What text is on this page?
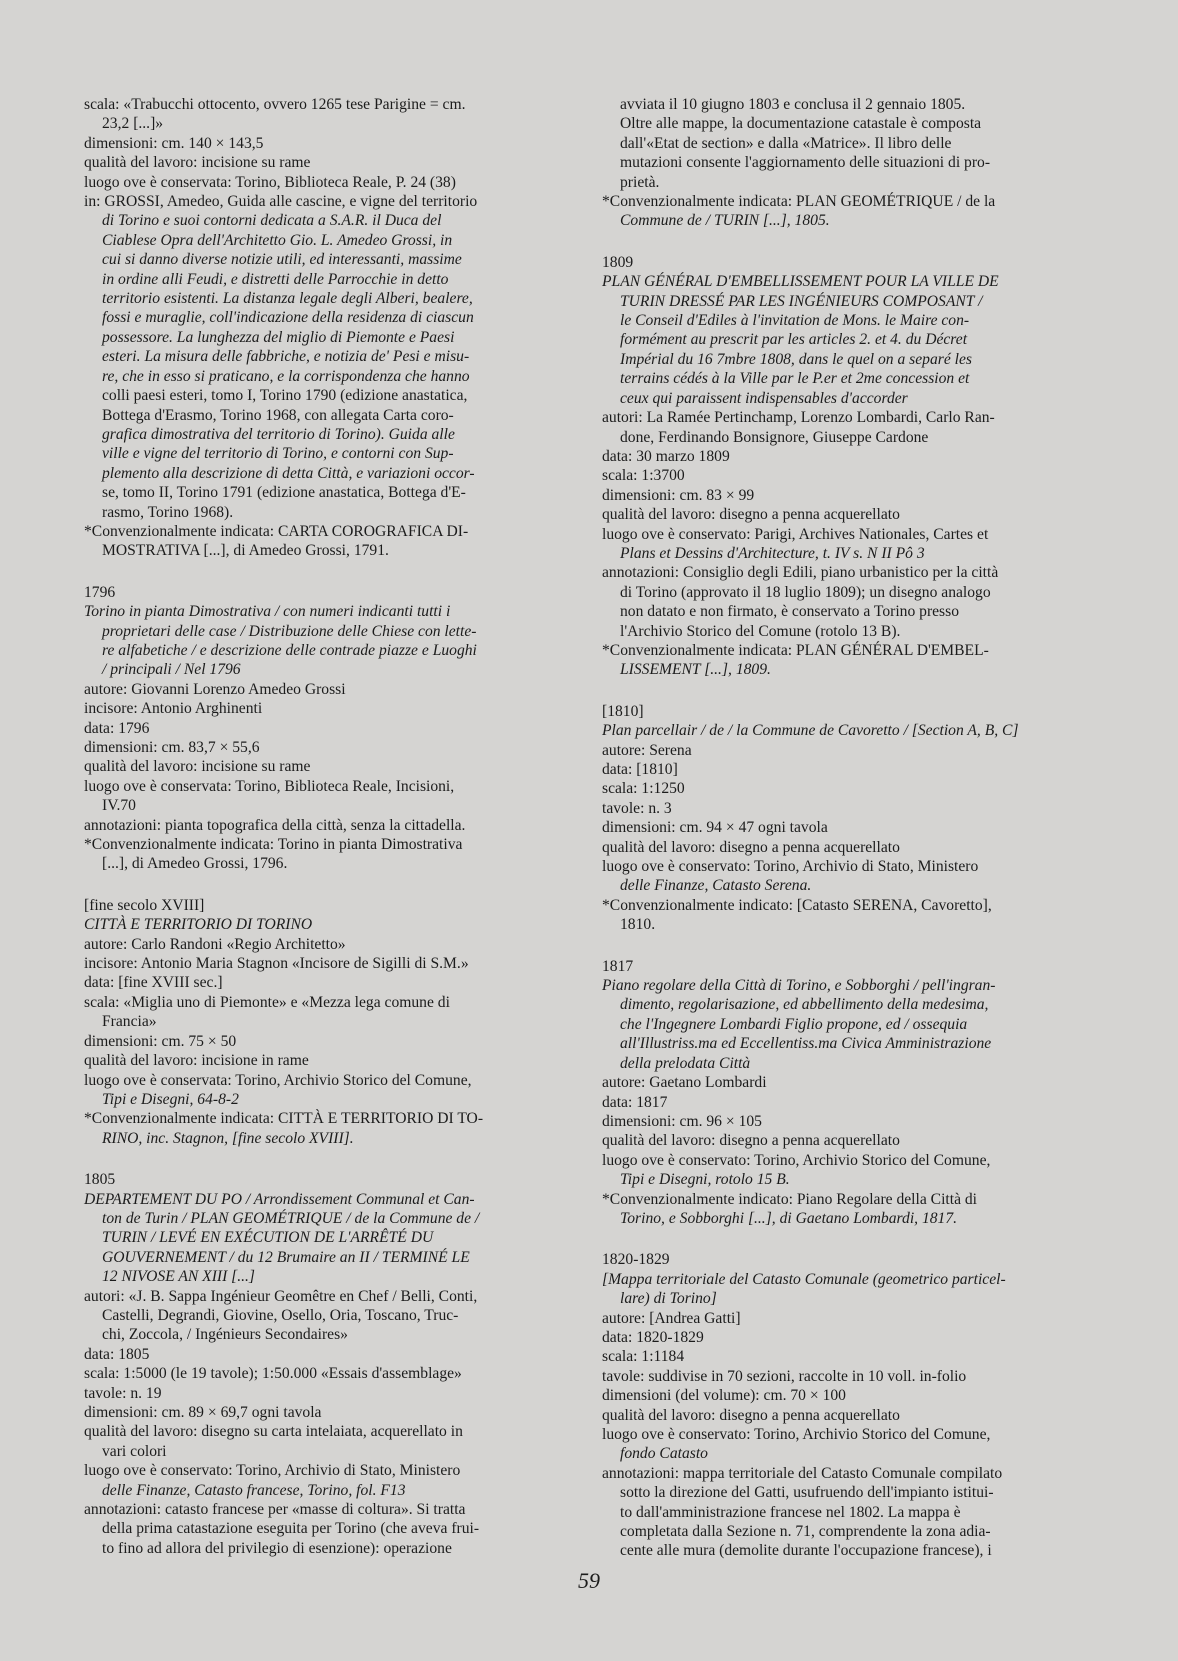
scala: «Trabucchi ottocento, ovvero 1265 tese Parigine = cm.
23,2 [...]»
dimensioni: cm. 140 × 143,5
qualità del lavoro: incisione su rame
luogo ove è conservata: Torino, Biblioteca Reale, P. 24 (38)
in: GROSSI, Amedeo, Guida alle cascine, e vigne del territorio
di Torino e suoi contorni dedicata a S.A.R. il Duca del
Ciablese Opra dell'Architetto Gio. L. Amedeo Grossi, in
cui si danno diverse notizie utili, ed interessanti, massime
in ordine alli Feudi, e distretti delle Parrocchie in detto
territorio esistenti. La distanza legale degli Alberi, bealere,
fossi e muraglie, coll'indicazione della residenza di ciascun
possessore. La lunghezza del miglio di Piemonte e Paesi
esteri. La misura delle fabbriche, e notizia de' Pesi e misu-
re, che in esso si praticano, e la corrispondenza che hanno
colli paesi esteri, tomo I, Torino 1790 (edizione anastatica,
Bottega d'Erasmo, Torino 1968, con allegata Carta coro-
grafica dimostrativa del territorio di Torino). Guida alle
ville e vigne del territorio di Torino, e contorni con Sup-
plemento alla descrizione di detta Città, e variazioni occor-
se, tomo II, Torino 1791 (edizione anastatica, Bottega d'E-
rasmo, Torino 1968).
*Convenzionalmente indicata: CARTA COROGRAFICA DI-
MOSTRATIVA [...], di Amedeo Grossi, 1791.
1796
Torino in pianta Dimostrativa / con numeri indicanti tutti i
proprietari delle case / Distribuzione delle Chiese con lette-
re alfabetiche / e descrizione delle contrade piazze e Luoghi
/ principali / Nel 1796
autore: Giovanni Lorenzo Amedeo Grossi
incisore: Antonio Arghinenti
data: 1796
dimensioni: cm. 83,7 × 55,6
qualità del lavoro: incisione su rame
luogo ove è conservata: Torino, Biblioteca Reale, Incisioni,
IV.70
annotazioni: pianta topografica della città, senza la cittadella.
*Convenzionalmente indicata: Torino in pianta Dimostrativa
[...], di Amedeo Grossi, 1796.
[fine secolo XVIII]
CITTÀ E TERRITORIO DI TORINO
autore: Carlo Randoni «Regio Architetto»
incisore: Antonio Maria Stagnon «Incisore de Sigilli di S.M.»
data: [fine XVIII sec.]
scala: «Miglia uno di Piemonte» e «Mezza lega comune di
Francia»
dimensioni: cm. 75 × 50
qualità del lavoro: incisione in rame
luogo ove è conservata: Torino, Archivio Storico del Comune,
Tipi e Disegni, 64-8-2
*Convenzionalmente indicata: CITTÀ E TERRITORIO DI TO-
RINO, inc. Stagnon, [fine secolo XVIII].
1805
DEPARTEMENT DU PO / Arrondissement Communal et Can-
ton de Turin / PLAN GEOMÉTRIQUE / de la Commune de /
TURIN / LEVÉ EN EXÉCUTION DE L'ARRÊTÉ DU
GOUVERNEMENT / du 12 Brumaire an II / TERMINÉ LE
12 NIVOSE AN XIII [...]
autori: «J. B. Sappa Ingénieur Geomêtre en Chef / Belli, Conti,
Castelli, Degrandi, Giovine, Osello, Oria, Toscano, Truc-
chi, Zoccola, / Ingénieurs Secondaires»
data: 1805
scala: 1:5000 (le 19 tavole); 1:50.000 «Essais d'assemblage»
tavole: n. 19
dimensioni: cm. 89 × 69,7 ogni tavola
qualità del lavoro: disegno su carta intelaiata, acquerellato in
vari colori
luogo ove è conservato: Torino, Archivio di Stato, Ministero
delle Finanze, Catasto francese, Torino, fol. F13
annotazioni: catasto francese per «masse di coltura». Si tratta
della prima catastazione eseguita per Torino (che aveva frui-
to fino ad allora del privilegio di esenzione): operazione
avviata il 10 giugno 1803 e conclusa il 2 gennaio 1805.
Oltre alle mappe, la documentazione catastale è composta
dall'«Etat de section» e dalla «Matrice». Il libro delle
mutazioni consente l'aggiornamento delle situazioni di pro-
prietà.
*Convenzionalmente indicata: PLAN GEOMÉTRIQUE / de la
Commune de / TURIN [...], 1805.
1809
PLAN GÉNÉRAL D'EMBELLISSEMENT POUR LA VILLE DE
TURIN DRESSÉ PAR LES INGÉNIEURS COMPOSANT /
le Conseil d'Ediles à l'invitation de Mons. le Maire con-
formément au prescrit par les articles 2. et 4. du Décret
Impérial du 16 7mbre 1808, dans le quel on a separé les
terrains cédés à la Ville par le P.er et 2me concession et
ceux qui paraissent indispensables d'accorder
autori: La Ramée Pertinchamp, Lorenzo Lombardi, Carlo Ran-
done, Ferdinando Bonsignore, Giuseppe Cardone
data: 30 marzo 1809
scala: 1:3700
dimensioni: cm. 83 × 99
qualità del lavoro: disegno a penna acquerellato
luogo ove è conservato: Parigi, Archives Nationales, Cartes et
Plans et Dessins d'Architecture, t. IV s. N II Pô 3
annotazioni: Consiglio degli Edili, piano urbanistico per la città
di Torino (approvato il 18 luglio 1809); un disegno analogo
non datato e non firmato, è conservato a Torino presso
l'Archivio Storico del Comune (rotolo 13 B).
*Convenzionalmente indicata: PLAN GÉNÉRAL D'EMBEL-
LISSEMENT [...], 1809.
[1810]
Plan parcellair / de / la Commune de Cavoretto / [Section A, B, C]
autore: Serena
data: [1810]
scala: 1:1250
tavole: n. 3
dimensioni: cm. 94 × 47 ogni tavola
qualità del lavoro: disegno a penna acquerellato
luogo ove è conservato: Torino, Archivio di Stato, Ministero
delle Finanze, Catasto Serena.
*Convenzionalmente indicato: [Catasto SERENA, Cavoretto],
1810.
1817
Piano regolare della Città di Torino, e Sobborghi / pell'ingran-
dimento, regolarisazione, ed abbellimento della medesima,
che l'Ingegnere Lombardi Figlio propone, ed / ossequia
all'Illustriss.ma ed Eccellentiss.ma Civica Amministrazione
della prelodata Città
autore: Gaetano Lombardi
data: 1817
dimensioni: cm. 96 × 105
qualità del lavoro: disegno a penna acquerellato
luogo ove è conservato: Torino, Archivio Storico del Comune,
Tipi e Disegni, rotolo 15 B.
*Convenzionalmente indicato: Piano Regolare della Città di
Torino, e Sobborghi [...], di Gaetano Lombardi, 1817.
1820-1829
[Mappa territoriale del Catasto Comunale (geometrico particel-
lare) di Torino]
autore: [Andrea Gatti]
data: 1820-1829
scala: 1:1184
tavole: suddivise in 70 sezioni, raccolte in 10 voll. in-folio
dimensioni (del volume): cm. 70 × 100
qualità del lavoro: disegno a penna acquerellato
luogo ove è conservato: Torino, Archivio Storico del Comune,
fondo Catasto
annotazioni: mappa territoriale del Catasto Comunale compilato
sotto la direzione del Gatti, usufruendo dell'impianto istitui-
to dall'amministrazione francese nel 1802. La mappa è
completata dalla Sezione n. 71, comprendente la zona adia-
cente alle mura (demolite durante l'occupazione francese), i
59
